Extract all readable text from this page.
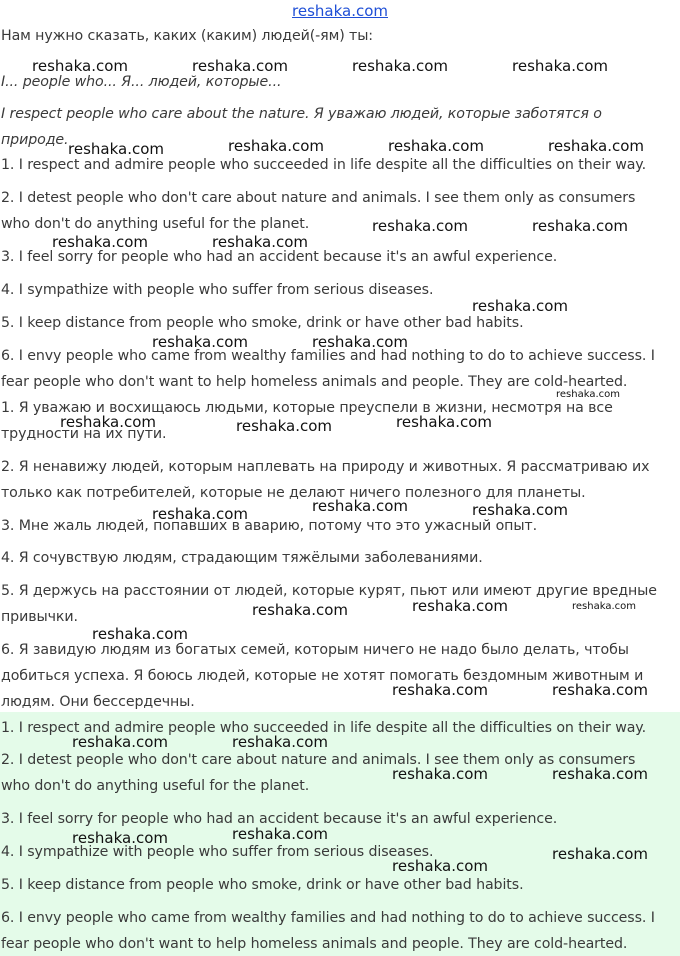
reshaka.com
Нам нужно сказать, каких (каким) людей(-ям) ты:
I... people who... Я... людей, которые...
I respect people who care about the nature. Я уважаю людей, которые заботятся о
природе.
1. I respect and admire people who succeeded in life despite all the difficulties on their way.
2. I detest people who don't care about nature and animals. I see them only as consumers
who don't do anything useful for the planet.
3. I feel sorry for people who had an accident because it's an awful experience.
4. I sympathize with people who suffer from serious diseases.
5. I keep distance from people who smoke, drink or have other bad habits.
6. I envy people who came from wealthy families and had nothing to do to achieve success. I
fear people who don't want to help homeless animals and people. They are cold-hearted.
1. Я уважаю и восхищаюсь людьми, которые преуспели в жизни, несмотря на все
трудности на их пути.
2. Я ненавижу людей, которым наплевать на природу и животных. Я рассматриваю их
только как потребителей, которые не делают ничего полезного для планеты.
3. Мне жаль людей, попавших в аварию, потому что это ужасный опыт.
4. Я сочувствую людям, страдающим тяжёлыми заболеваниями.
5. Я держусь на расстоянии от людей, которые курят, пьют или имеют другие вредные
привычки.
6. Я завидую людям из богатых семей, которым ничего не надо было делать, чтобы
добиться успеха. Я боюсь людей, которые не хотят помогать бездомным животным и
людям. Они бессердечны.
1. I respect and admire people who succeeded in life despite all the difficulties on their way.
2. I detest people who don't care about nature and animals. I see them only as consumers
who don't do anything useful for the planet.
3. I feel sorry for people who had an accident because it's an awful experience.
4. I sympathize with people who suffer from serious diseases.
5. I keep distance from people who smoke, drink or have other bad habits.
6. I envy people who came from wealthy families and had nothing to do to achieve success. I
fear people who don't want to help homeless animals and people. They are cold-hearted.
reshaka.com	reshaka.com	reshaka.com	reshaka.com
reshaka.com	reshaka.com	reshaka.com	reshaka.com
reshaka.com	reshaka.com
reshaka.com	reshaka.com
reshaka.com
reshaka.com	reshaka.com
reshaka.com
reshaka.com	reshaka.com	reshaka.com
reshaka.com	reshaka.com	reshaka.com
reshaka.com	reshaka.com	reshaka.com
reshaka.com
reshaka.com	reshaka.com
reshaka.com	reshaka.com
reshaka.com	reshaka.com
reshaka.com	reshaka.com
reshaka.com
reshaka.com
